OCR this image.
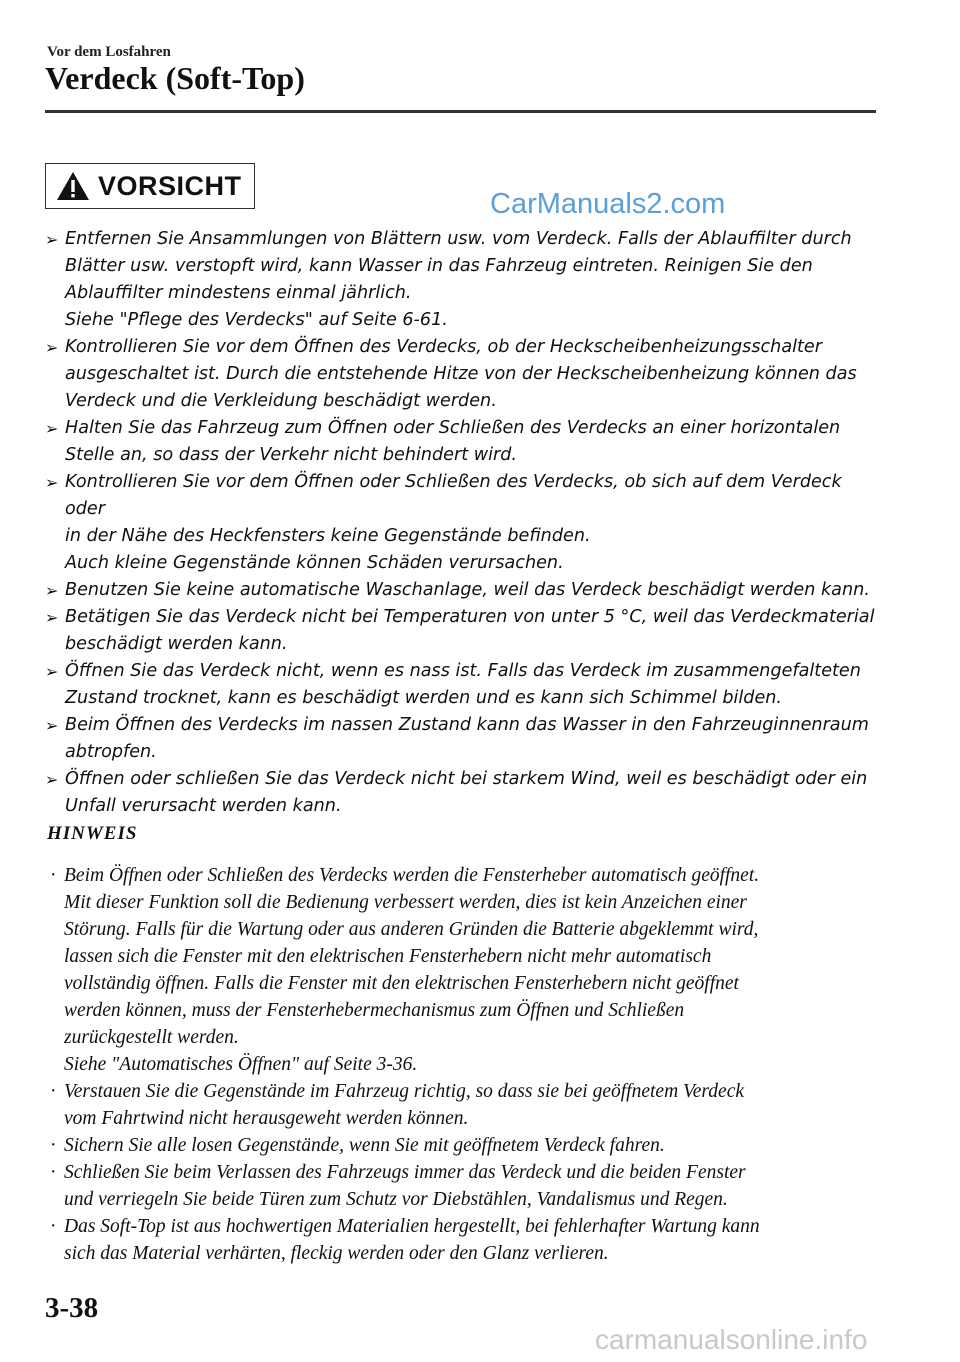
Vor dem Losfahren
Verdeck (Soft-Top)
VORSICHT
CarManuals2.com
➢ Entfernen Sie Ansammlungen von Blättern usw. vom Verdeck. Falls der Ablauffilter durch
Blätter usw. verstopft wird, kann Wasser in das Fahrzeug eintreten. Reinigen Sie den
Ablauffilter mindestens einmal jährlich.
Siehe "Pflege des Verdecks" auf Seite 6-61.
➢ Kontrollieren Sie vor dem Öffnen des Verdecks, ob der Heckscheibenheizungsschalter
ausgeschaltet ist. Durch die entstehende Hitze von der Heckscheibenheizung können das
Verdeck und die Verkleidung beschädigt werden.
➢ Halten Sie das Fahrzeug zum Öffnen oder Schließen des Verdecks an einer horizontalen
Stelle an, so dass der Verkehr nicht behindert wird.
➢ Kontrollieren Sie vor dem Öffnen oder Schließen des Verdecks, ob sich auf dem Verdeck oder
in der Nähe des Heckfensters keine Gegenstände befinden.
Auch kleine Gegenstände können Schäden verursachen.
➢ Benutzen Sie keine automatische Waschanlage, weil das Verdeck beschädigt werden kann.
➢ Betätigen Sie das Verdeck nicht bei Temperaturen von unter 5 °C, weil das Verdeckmaterial
beschädigt werden kann.
➢ Öffnen Sie das Verdeck nicht, wenn es nass ist. Falls das Verdeck im zusammengefalteten
Zustand trocknet, kann es beschädigt werden und es kann sich Schimmel bilden.
➢ Beim Öffnen des Verdecks im nassen Zustand kann das Wasser in den Fahrzeuginnenraum
abtropfen.
➢ Öffnen oder schließen Sie das Verdeck nicht bei starkem Wind, weil es beschädigt oder ein
Unfall verursacht werden kann.
HINWEIS
· Beim Öffnen oder Schließen des Verdecks werden die Fensterheber automatisch geöffnet.
Mit dieser Funktion soll die Bedienung verbessert werden, dies ist kein Anzeichen einer
Störung. Falls für die Wartung oder aus anderen Gründen die Batterie abgeklemmt wird,
lassen sich die Fenster mit den elektrischen Fensterhebern nicht mehr automatisch
vollständig öffnen. Falls die Fenster mit den elektrischen Fensterhebern nicht geöffnet
werden können, muss der Fensterhebermechanismus zum Öffnen und Schließen
zurückgestellt werden.
Siehe "Automatisches Öffnen" auf Seite 3-36.
· Verstauen Sie die Gegenstände im Fahrzeug richtig, so dass sie bei geöffnetem Verdeck
vom Fahrtwind nicht herausgeweht werden können.
· Sichern Sie alle losen Gegenstände, wenn Sie mit geöffnetem Verdeck fahren.
· Schließen Sie beim Verlassen des Fahrzeugs immer das Verdeck und die beiden Fenster
und verriegeln Sie beide Türen zum Schutz vor Diebstählen, Vandalismus und Regen.
· Das Soft-Top ist aus hochwertigen Materialien hergestellt, bei fehlerhafter Wartung kann
sich das Material verhärten, fleckig werden oder den Glanz verlieren.
3-38
carmanualsonline.info
